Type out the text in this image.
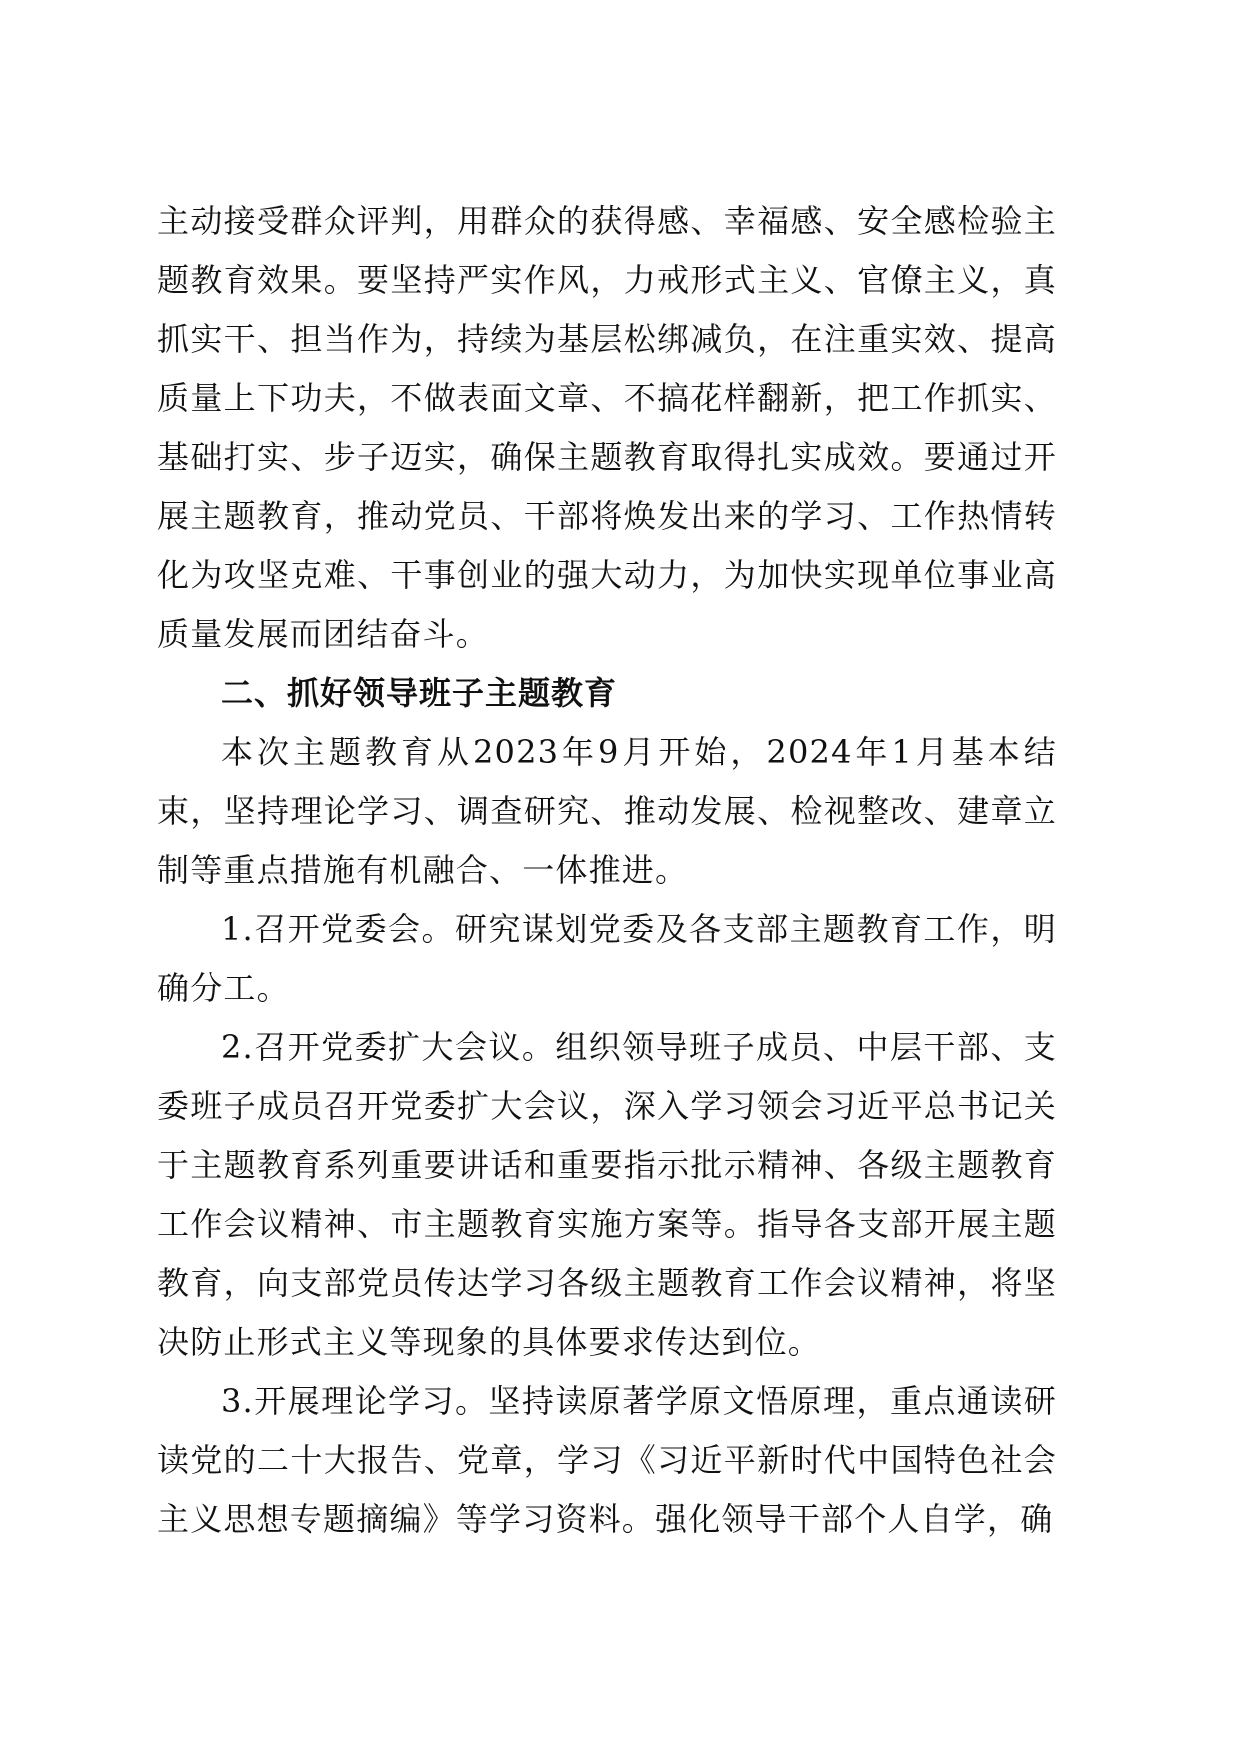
主动接受群众评判，用群众的获得感、幸福感、安全感检验主题教育效果。要坚持严实作风，力戒形式主义、官僚主义，真抓实干、担当作为，持续为基层松绑减负，在注重实效、提高质量上下功夫，不做表面文章、不搞花样翻新，把工作抓实、基础打实、步子迈实，确保主题教育取得扎实成效。要通过开展主题教育，推动党员、干部将焕发出来的学习、工作热情转化为攻坚克难、干事创业的强大动力，为加快实现单位事业高质量发展而团结奋斗。

二、抓好领导班子主题教育

本次主题教育从2023年9月开始，2024年1月基本结束，坚持理论学习、调查研究、推动发展、检视整改、建章立制等重点措施有机融合、一体推进。

1.召开党委会。研究谋划党委及各支部主题教育工作，明确分工。

2.召开党委扩大会议。组织领导班子成员、中层干部、支委班子成员召开党委扩大会议，深入学习领会习近平总书记关于主题教育系列重要讲话和重要指示批示精神、各级主题教育工作会议精神、市主题教育实施方案等。指导各支部开展主题教育，向支部党员传达学习各级主题教育工作会议精神，将坚决防止形式主义等现象的具体要求传达到位。

3.开展理论学习。坚持读原著学原文悟原理，重点通读研读党的二十大报告、党章，学习《习近平新时代中国特色社会主义思想专题摘编》等学习资料。强化领导干部个人自学，确
